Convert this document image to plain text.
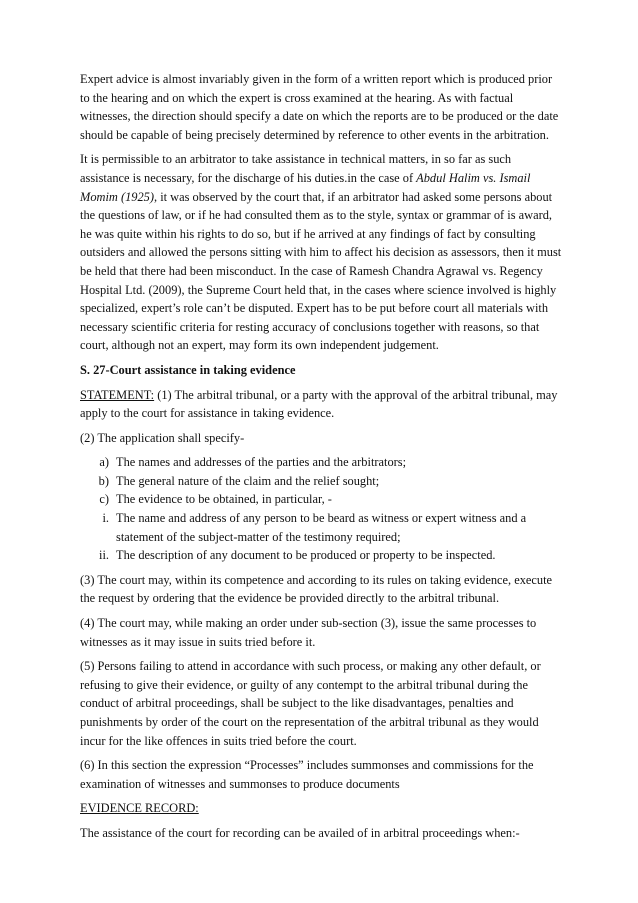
Expert advice is almost invariably given in the form of a written report which is produced prior to the hearing and on which the expert is cross examined at the hearing. As with factual witnesses, the direction should specify a date on which the reports are to be produced or the date should be capable of being precisely determined by reference to other events in the arbitration.

It is permissible to an arbitrator to take assistance in technical matters, in so far as such assistance is necessary, for the discharge of his duties.in the case of Abdul Halim vs. Ismail Momim (1925), it was observed by the court that, if an arbitrator had asked some persons about the questions of law, or if he had consulted them as to the style, syntax or grammar of is award, he was quite within his rights to do so, but if he arrived at any findings of fact by consulting outsiders and allowed the persons sitting with him to affect his decision as assessors, then it must be held that there had been misconduct. In the case of Ramesh Chandra Agrawal vs. Regency Hospital Ltd. (2009), the Supreme Court held that, in the cases where science involved is highly specialized, expert’s role can’t be disputed. Expert has to be put before court all materials with necessary scientific criteria for resting accuracy of conclusions together with reasons, so that court, although not an expert, may form its own independent judgement.

S. 27-Court assistance in taking evidence

STATEMENT: (1) The arbitral tribunal, or a party with the approval of the arbitral tribunal, may apply to the court for assistance in taking evidence.

(2) The application shall specify-

a) The names and addresses of the parties and the arbitrators;
b) The general nature of the claim and the relief sought;
c) The evidence to be obtained, in particular, -
i. The name and address of any person to be beard as witness or expert witness and a statement of the subject-matter of the testimony required;
ii. The description of any document to be produced or property to be inspected.

(3) The court may, within its competence and according to its rules on taking evidence, execute the request by ordering that the evidence be provided directly to the arbitral tribunal.

(4) The court may, while making an order under sub-section (3), issue the same processes to witnesses as it may issue in suits tried before it.

(5) Persons failing to attend in accordance with such process, or making any other default, or refusing to give their evidence, or guilty of any contempt to the arbitral tribunal during the conduct of arbitral proceedings, shall be subject to the like disadvantages, penalties and punishments by order of the court on the representation of the arbitral tribunal as they would incur for the like offences in suits tried before the court.

(6) In this section the expression “Processes” includes summonses and commissions for the examination of witnesses and summonses to produce documents

EVIDENCE RECORD:

The assistance of the court for recording can be availed of in arbitral proceedings when:-
